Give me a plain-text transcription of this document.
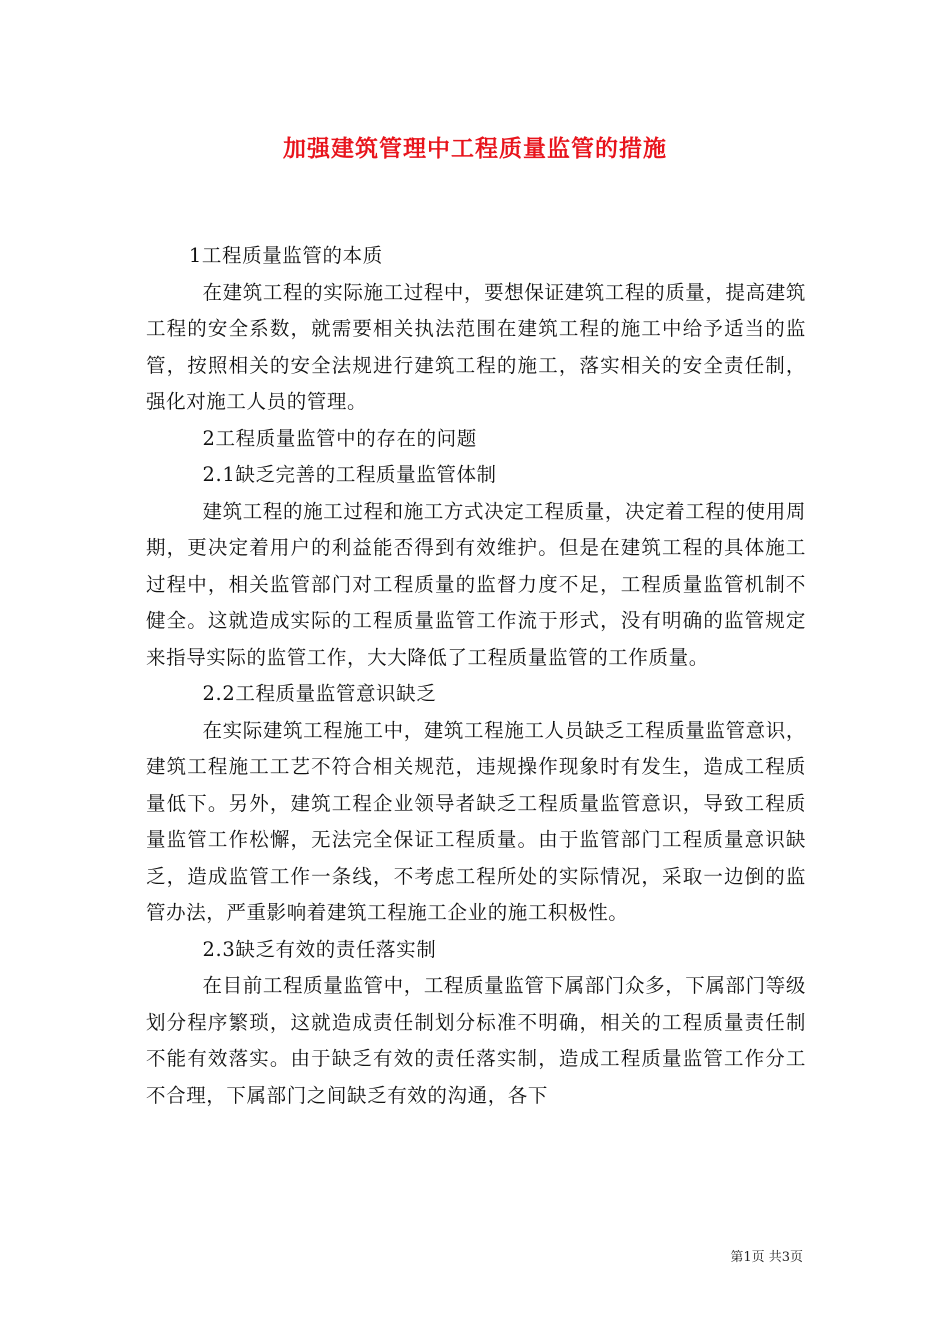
加强建筑管理中工程质量监管的措施

1工程质量监管的本质

在建筑工程的实际施工过程中，要想保证建筑工程的质量，提高建筑工程的安全系数，就需要相关执法范围在建筑工程的施工中给予适当的监管，按照相关的安全法规进行建筑工程的施工，落实相关的安全责任制，强化对施工人员的管理。

2工程质量监管中的存在的问题

2.1缺乏完善的工程质量监管体制

建筑工程的施工过程和施工方式决定工程质量，决定着工程的使用周期，更决定着用户的利益能否得到有效维护。但是在建筑工程的具体施工过程中，相关监管部门对工程质量的监督力度不足，工程质量监管机制不健全。这就造成实际的工程质量监管工作流于形式，没有明确的监管规定来指导实际的监管工作，大大降低了工程质量监管的工作质量。

2.2工程质量监管意识缺乏

在实际建筑工程施工中，建筑工程施工人员缺乏工程质量监管意识，建筑工程施工工艺不符合相关规范，违规操作现象时有发生，造成工程质量低下。另外，建筑工程企业领导者缺乏工程质量监管意识，导致工程质量监管工作松懈，无法完全保证工程质量。由于监管部门工程质量意识缺乏，造成监管工作一条线，不考虑工程所处的实际情况，采取一边倒的监管办法，严重影响着建筑工程施工企业的施工积极性。

2.3缺乏有效的责任落实制

在目前工程质量监管中，工程质量监管下属部门众多，下属部门等级划分程序繁琐，这就造成责任制划分标准不明确，相关的工程质量责任制不能有效落实。由于缺乏有效的责任落实制，造成工程质量监管工作分工不合理，下属部门之间缺乏有效的沟通，各下

第1页 共3页
